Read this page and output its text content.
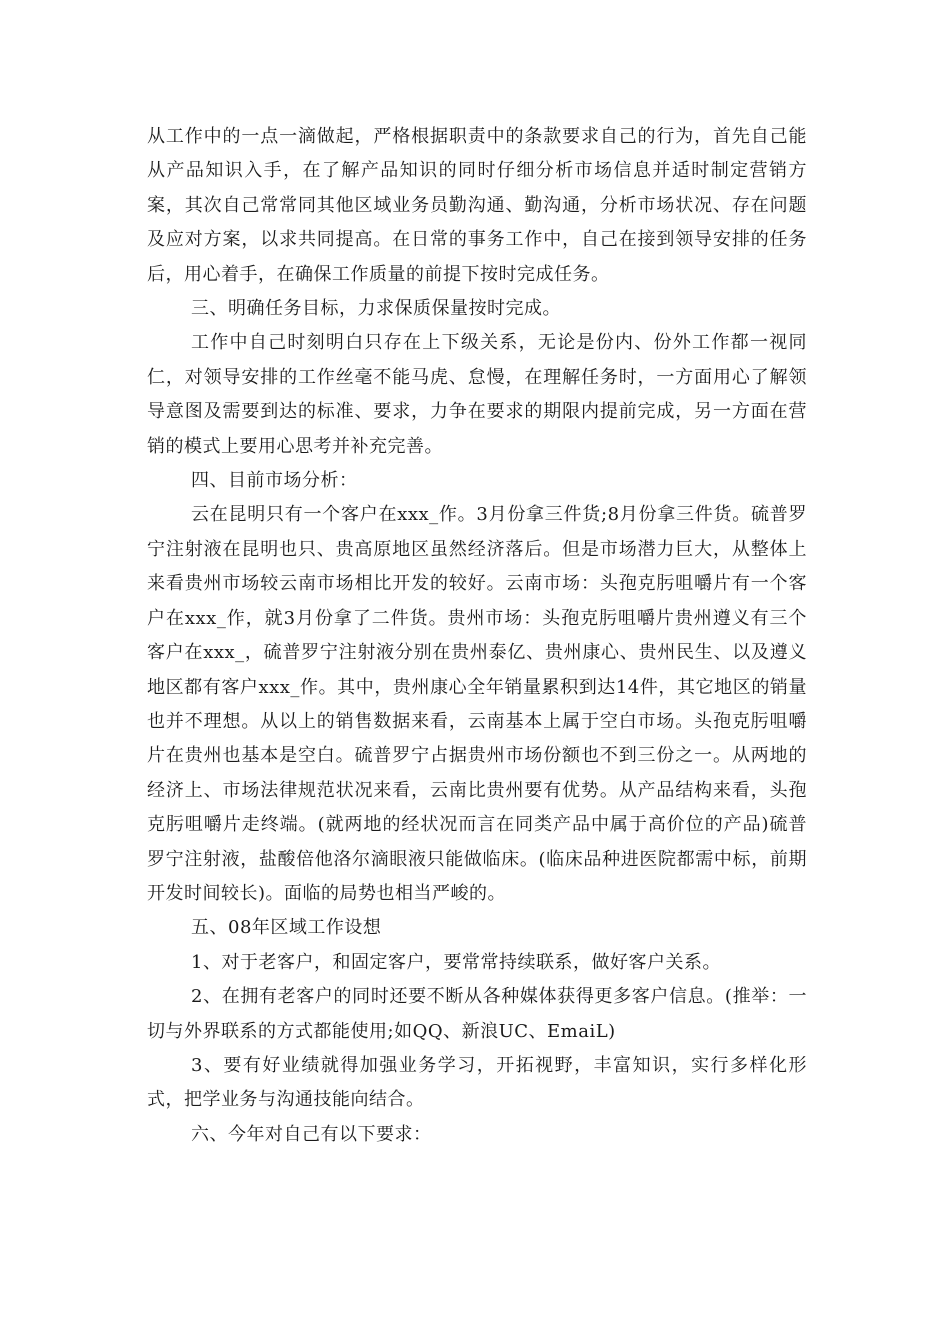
从工作中的一点一滴做起，严格根据职责中的条款要求自己的行为，首先自己能从产品知识入手，在了解产品知识的同时仔细分析市场信息并适时制定营销方案，其次自己常常同其他区域业务员勤沟通、勤沟通，分析市场状况、存在问题及应对方案，以求共同提高。在日常的事务工作中，自己在接到领导安排的任务后，用心着手，在确保工作质量的前提下按时完成任务。

三、明确任务目标，力求保质保量按时完成。

工作中自己时刻明白只存在上下级关系，无论是份内、份外工作都一视同仁，对领导安排的工作丝毫不能马虎、怠慢，在理解任务时，一方面用心了解领导意图及需要到达的标准、要求，力争在要求的期限内提前完成，另一方面在营销的模式上要用心思考并补充完善。

四、目前市场分析：

云在昆明只有一个客户在xxx_作。3月份拿三件货;8月份拿三件货。硫普罗宁注射液在昆明也只、贵高原地区虽然经济落后。但是市场潜力巨大，从整体上来看贵州市场较云南市场相比开发的较好。云南市场：头孢克肟咀嚼片有一个客户在xxx_作，就3月份拿了二件货。贵州市场：头孢克肟咀嚼片贵州遵义有三个客户在xxx_，硫普罗宁注射液分别在贵州泰亿、贵州康心、贵州民生、以及遵义地区都有客户xxx_作。其中，贵州康心全年销量累积到达14件，其它地区的销量也并不理想。从以上的销售数据来看，云南基本上属于空白市场。头孢克肟咀嚼片在贵州也基本是空白。硫普罗宁占据贵州市场份额也不到三份之一。从两地的经济上、市场法律规范状况来看，云南比贵州要有优势。从产品结构来看，头孢克肟咀嚼片走终端。(就两地的经状况而言在同类产品中属于高价位的产品)硫普罗宁注射液，盐酸倍他洛尔滴眼液只能做临床。(临床品种进医院都需中标，前期开发时间较长)。面临的局势也相当严峻的。

五、08年区域工作设想

1、对于老客户，和固定客户，要常常持续联系，做好客户关系。

2、在拥有老客户的同时还要不断从各种媒体获得更多客户信息。(推举：一切与外界联系的方式都能使用;如QQ、新浪UC、EmaiL)

3、要有好业绩就得加强业务学习，开拓视野，丰富知识，实行多样化形式，把学业务与沟通技能向结合。

六、今年对自己有以下要求：
